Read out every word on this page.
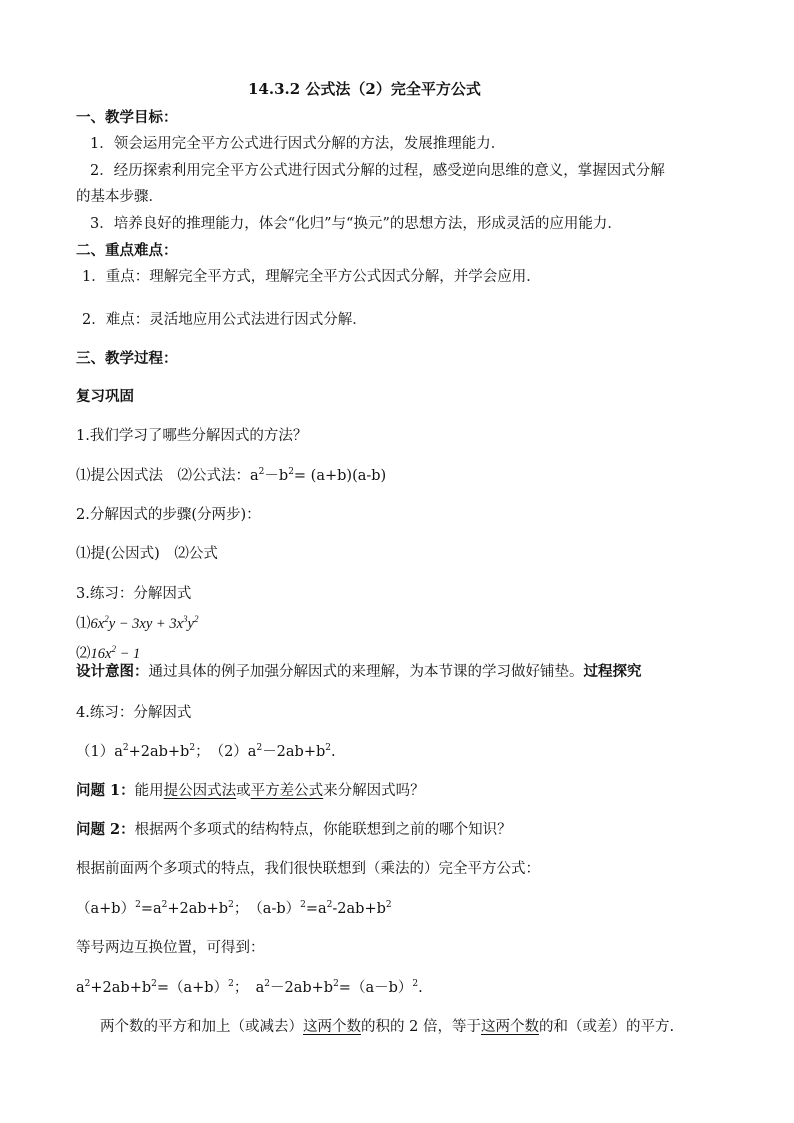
14.3.2 公式法（2）完全平方公式
一、教学目标：
1．领会运用完全平方公式进行因式分解的方法，发展推理能力．
2．经历探索利用完全平方公式进行因式分解的过程，感受逆向思维的意义，掌握因式分解
的基本步骤．
3．培养良好的推理能力，体会“化归”与“换元”的思想方法，形成灵活的应用能力．
二、重点难点：
1．重点：理解完全平方式，理解完全平方公式因式分解，并学会应用．
2．难点：灵活地应用公式法进行因式分解．
三、教学过程：
复习巩固
1.我们学习了哪些分解因式的方法？
⑴提公因式法　⑵公式法：$a^2-b^2= (a+b)(a-b)$
2.分解因式的步骤(分两步)：
⑴提(公因式)　⑵公式
3.练习：分解因式
$⑴6x^2y - 3xy + 3x^3y^2$
$⑵16x^2 - 1$
设计意图：通过具体的例子加强分解因式的来理解，为本节课的学习做好铺垫。过程探究
4.练习：分解因式
$(1)a^2+2ab+b^2$；　$(2)a^2-2ab+b^2$.
问题 1：能用提公因式法或平方差公式来分解因式吗？
问题 2：根据两个多项式的结构特点，你能联想到之前的哪个知识？
根据前面两个多项式的特点，我们很快联想到（乘法的）完全平方公式：
$(a+b)^2=a^2+2ab+b^2$；　$(a-b)^2=a^2-2ab+b^2$
等号两边互换位置，可得到：
$a^2+2ab+b^2=(a+b)^2$；　$a^2-2ab+b^2=(a-b)^2$.
两个数的平方和加上（或减去）这两个数的积的 2 倍，等于这两个数的和（或差）的平方.
